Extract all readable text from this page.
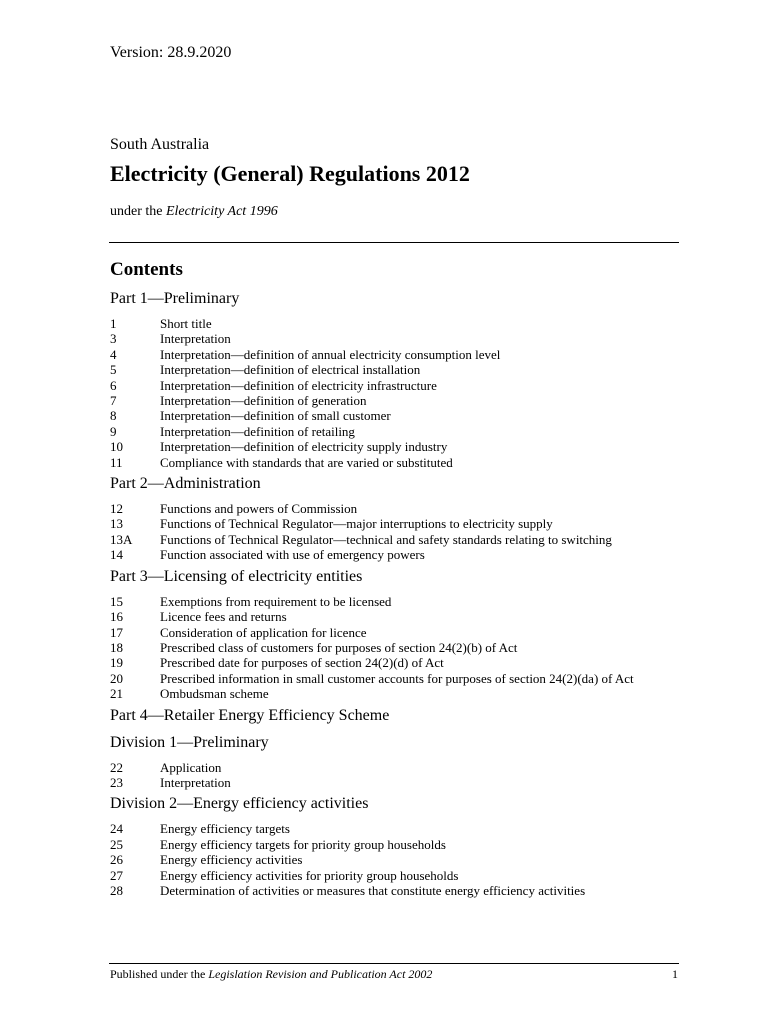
Version: 28.9.2020
South Australia
Electricity (General) Regulations 2012
under the Electricity Act 1996
Contents
Part 1—Preliminary
1	Short title
3	Interpretation
4	Interpretation—definition of annual electricity consumption level
5	Interpretation—definition of electrical installation
6	Interpretation—definition of electricity infrastructure
7	Interpretation—definition of generation
8	Interpretation—definition of small customer
9	Interpretation—definition of retailing
10	Interpretation—definition of electricity supply industry
11	Compliance with standards that are varied or substituted
Part 2—Administration
12	Functions and powers of Commission
13	Functions of Technical Regulator—major interruptions to electricity supply
13A	Functions of Technical Regulator—technical and safety standards relating to switching
14	Function associated with use of emergency powers
Part 3—Licensing of electricity entities
15	Exemptions from requirement to be licensed
16	Licence fees and returns
17	Consideration of application for licence
18	Prescribed class of customers for purposes of section 24(2)(b) of Act
19	Prescribed date for purposes of section 24(2)(d) of Act
20	Prescribed information in small customer accounts for purposes of section 24(2)(da) of Act
21	Ombudsman scheme
Part 4—Retailer Energy Efficiency Scheme
Division 1—Preliminary
22	Application
23	Interpretation
Division 2—Energy efficiency activities
24	Energy efficiency targets
25	Energy efficiency targets for priority group households
26	Energy efficiency activities
27	Energy efficiency activities for priority group households
28	Determination of activities or measures that constitute energy efficiency activities
Published under the Legislation Revision and Publication Act 2002	1
